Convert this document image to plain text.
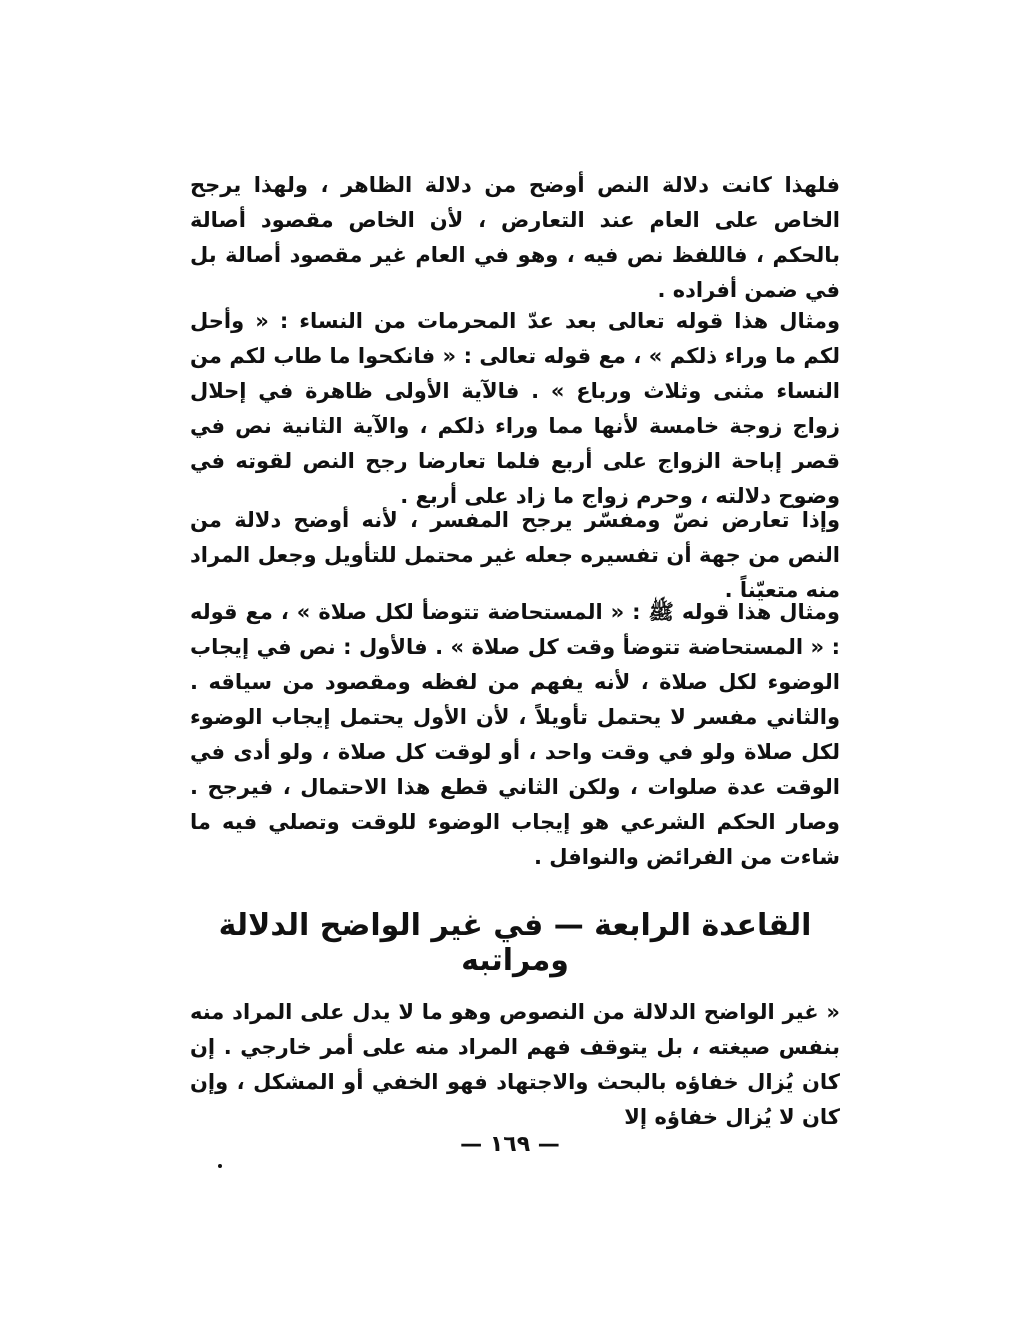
فلهذا كانت دلالة النص أوضح من دلالة الظاهر ، ولهذا يرجح الخاص على العام عند التعارض ، لأن الخاص مقصود أصالة بالحكم ، فاللفظ نص فيه ، وهو في العام غير مقصود أصالة بل في ضمن أفراده .

ومثال هذا قوله تعالى بعد عدّ المحرمات من النساء : « وأحل لكم ما وراء ذلكم » ، مع قوله تعالى : « فانكحوا ما طاب لكم من النساء مثنى وثلاث ورباع » . فالآية الأولى ظاهرة في إحلال زواج زوجة خامسة لأنها مما وراء ذلكم ، والآية الثانية نص في قصر إباحة الزواج على أربع فلما تعارضا رجح النص لقوته في وضوح دلالته ، وحرم زواج ما زاد على أربع .

وإذا تعارض نصّ ومفسّر يرجح المفسر ، لأنه أوضح دلالة من النص من جهة أن تفسيره جعله غير محتمل للتأويل وجعل المراد منه متعيّناً .

ومثال هذا قوله ﷺ : « المستحاضة تتوضأ لكل صلاة » ، مع قوله : « المستحاضة تتوضأ وقت كل صلاة » . فالأول : نص في إيجاب الوضوء لكل صلاة ، لأنه يفهم من لفظه ومقصود من سياقه . والثاني مفسر لا يحتمل تأويلاً ، لأن الأول يحتمل إيجاب الوضوء لكل صلاة ولو في وقت واحد ، أو لوقت كل صلاة ، ولو أدى في الوقت عدة صلوات ، ولكن الثاني قطع هذا الاحتمال ، فيرجح . وصار الحكم الشرعي هو إيجاب الوضوء للوقت وتصلي فيه ما شاءت من الفرائض والنوافل .

القاعدة الرابعة — في غير الواضح الدلالة ومراتبه

« غير الواضح الدلالة من النصوص وهو ما لا يدل على المراد منه بنفس صيغته ، بل يتوقف فهم المراد منه على أمر خارجي . إن كان يُزال خفاؤه بالبحث والاجتهاد فهو الخفي أو المشكل ، وإن كان لا يُزال خفاؤه إلا

— ١٦٩ —
